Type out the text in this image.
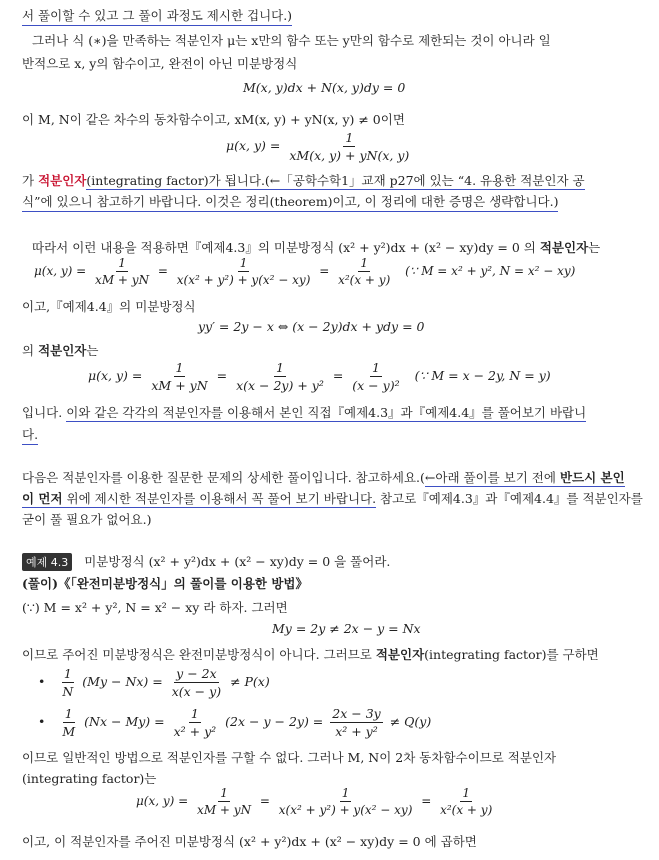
서 풀이할 수 있고 그 풀이 과정도 제시한 겁니다.)
그러나 식 (∗)을 만족하는 적분인자 μ는 x만의 함수 또는 y만의 함수로 제한되는 것이 아니라 일
반적으로 x, y의 함수이고, 완전이 아닌 미분방정식
M(x, y)dx + N(x, y)dy = 0
이 M, N이 같은 차수의 동차함수이고, xM(x, y) + yN(x, y) ≠ 0이면
μ(x, $y) = \frac{1}{xM(x, y) + yN(x, y)}$
가 적분인자(integrating factor)가 됩니다.(←「공학수학1」교재 p27에 있는 “4. 유용한 적분인자 공
식”에 있으니 참고하기 바랍니다. 이것은 정리(theorem)이고, 이 정리에 대한 증명은 생략합니다.)
따라서 이런 내용을 적용하면『예제4.3』의 미분방정식 (x² + y²)dx + (x² − xy)dy = 0 의 적분인자는
μ(x, $y) = \frac{1}{xM + yN} = \frac{1}{\text{x(x² + y²) + y(x² − xy)}} = \frac{1}{\text{x²(x + y)}}$ (∵ M = x² + y², N = x² − xy)
이고,『예제4.4』의 미분방정식
yy′ = 2y − x ⇔ (x − 2y)dx + ydy = 0
의 적분인자는
μ(x, $y) = \frac{1}{xM + yN} = \frac{1}{\text{x(x − 2y) + y²}} = \frac{1}{\text{(x − y)²}}$ (∵ M = x − 2y, N = y)
입니다. 이와 같은 각각의 적분인자를 이용해서 본인 직접『예제4.3』과『예제4.4』를 풀어보기 바랍니
다.
다음은 적분인자를 이용한 질문한 문제의 상세한 풀이입니다. 참고하세요.(←아래 풀이를 보기 전에 반드시 본인
이 먼저 위에 제시한 적분인자를 이용해서 꼭 풀어 보기 바랍니다. 참고로『예제4.3』과『예제4.4』를 적분인자를
굳이 풀 필요가 없어요.)
예제 4.3 미분방정식 (x² + y²)dx + (x² − xy)dy = 0 을 풀어라.
(풀이)《「완전미분방정식」의 풀이를 이용한 방법》
(∵) M = x² + y², N = x² − xy 라 하자. 그러면
My = 2y ≠ 2x − y = Nx
이므로 주어진 미분방정식은 완전미분방정식이 아니다. 그러므로 적분인자(integrating factor)를 구하면
• $\frac{1}{N} (My - Nx) = \frac{y - 2x}{x(x - y)} \ne P(x)$
• $\frac{1}{M} (Nx - My) = \frac{1}{\text{x² + y²}} (2x - y - 2y) = \frac{2x - 3y}{\text{x² + y²}} \ne Q(y)$
이므로 일반적인 방법으로 적분인자를 구할 수 없다. 그러나 M, N이 2차 동차함수이므로 적분인자
(integrating factor)는
μ(x, $y) = \frac{1}{xM + yN} = \frac{1}{\text{x(x² + y²) + y(x² − xy)}} = \frac{1}{\text{x²(x + y)}}$
이고, 이 적분인자를 주어진 미분방정식 (x² + y²)dx + (x² − xy)dy = 0 에 곱하면
